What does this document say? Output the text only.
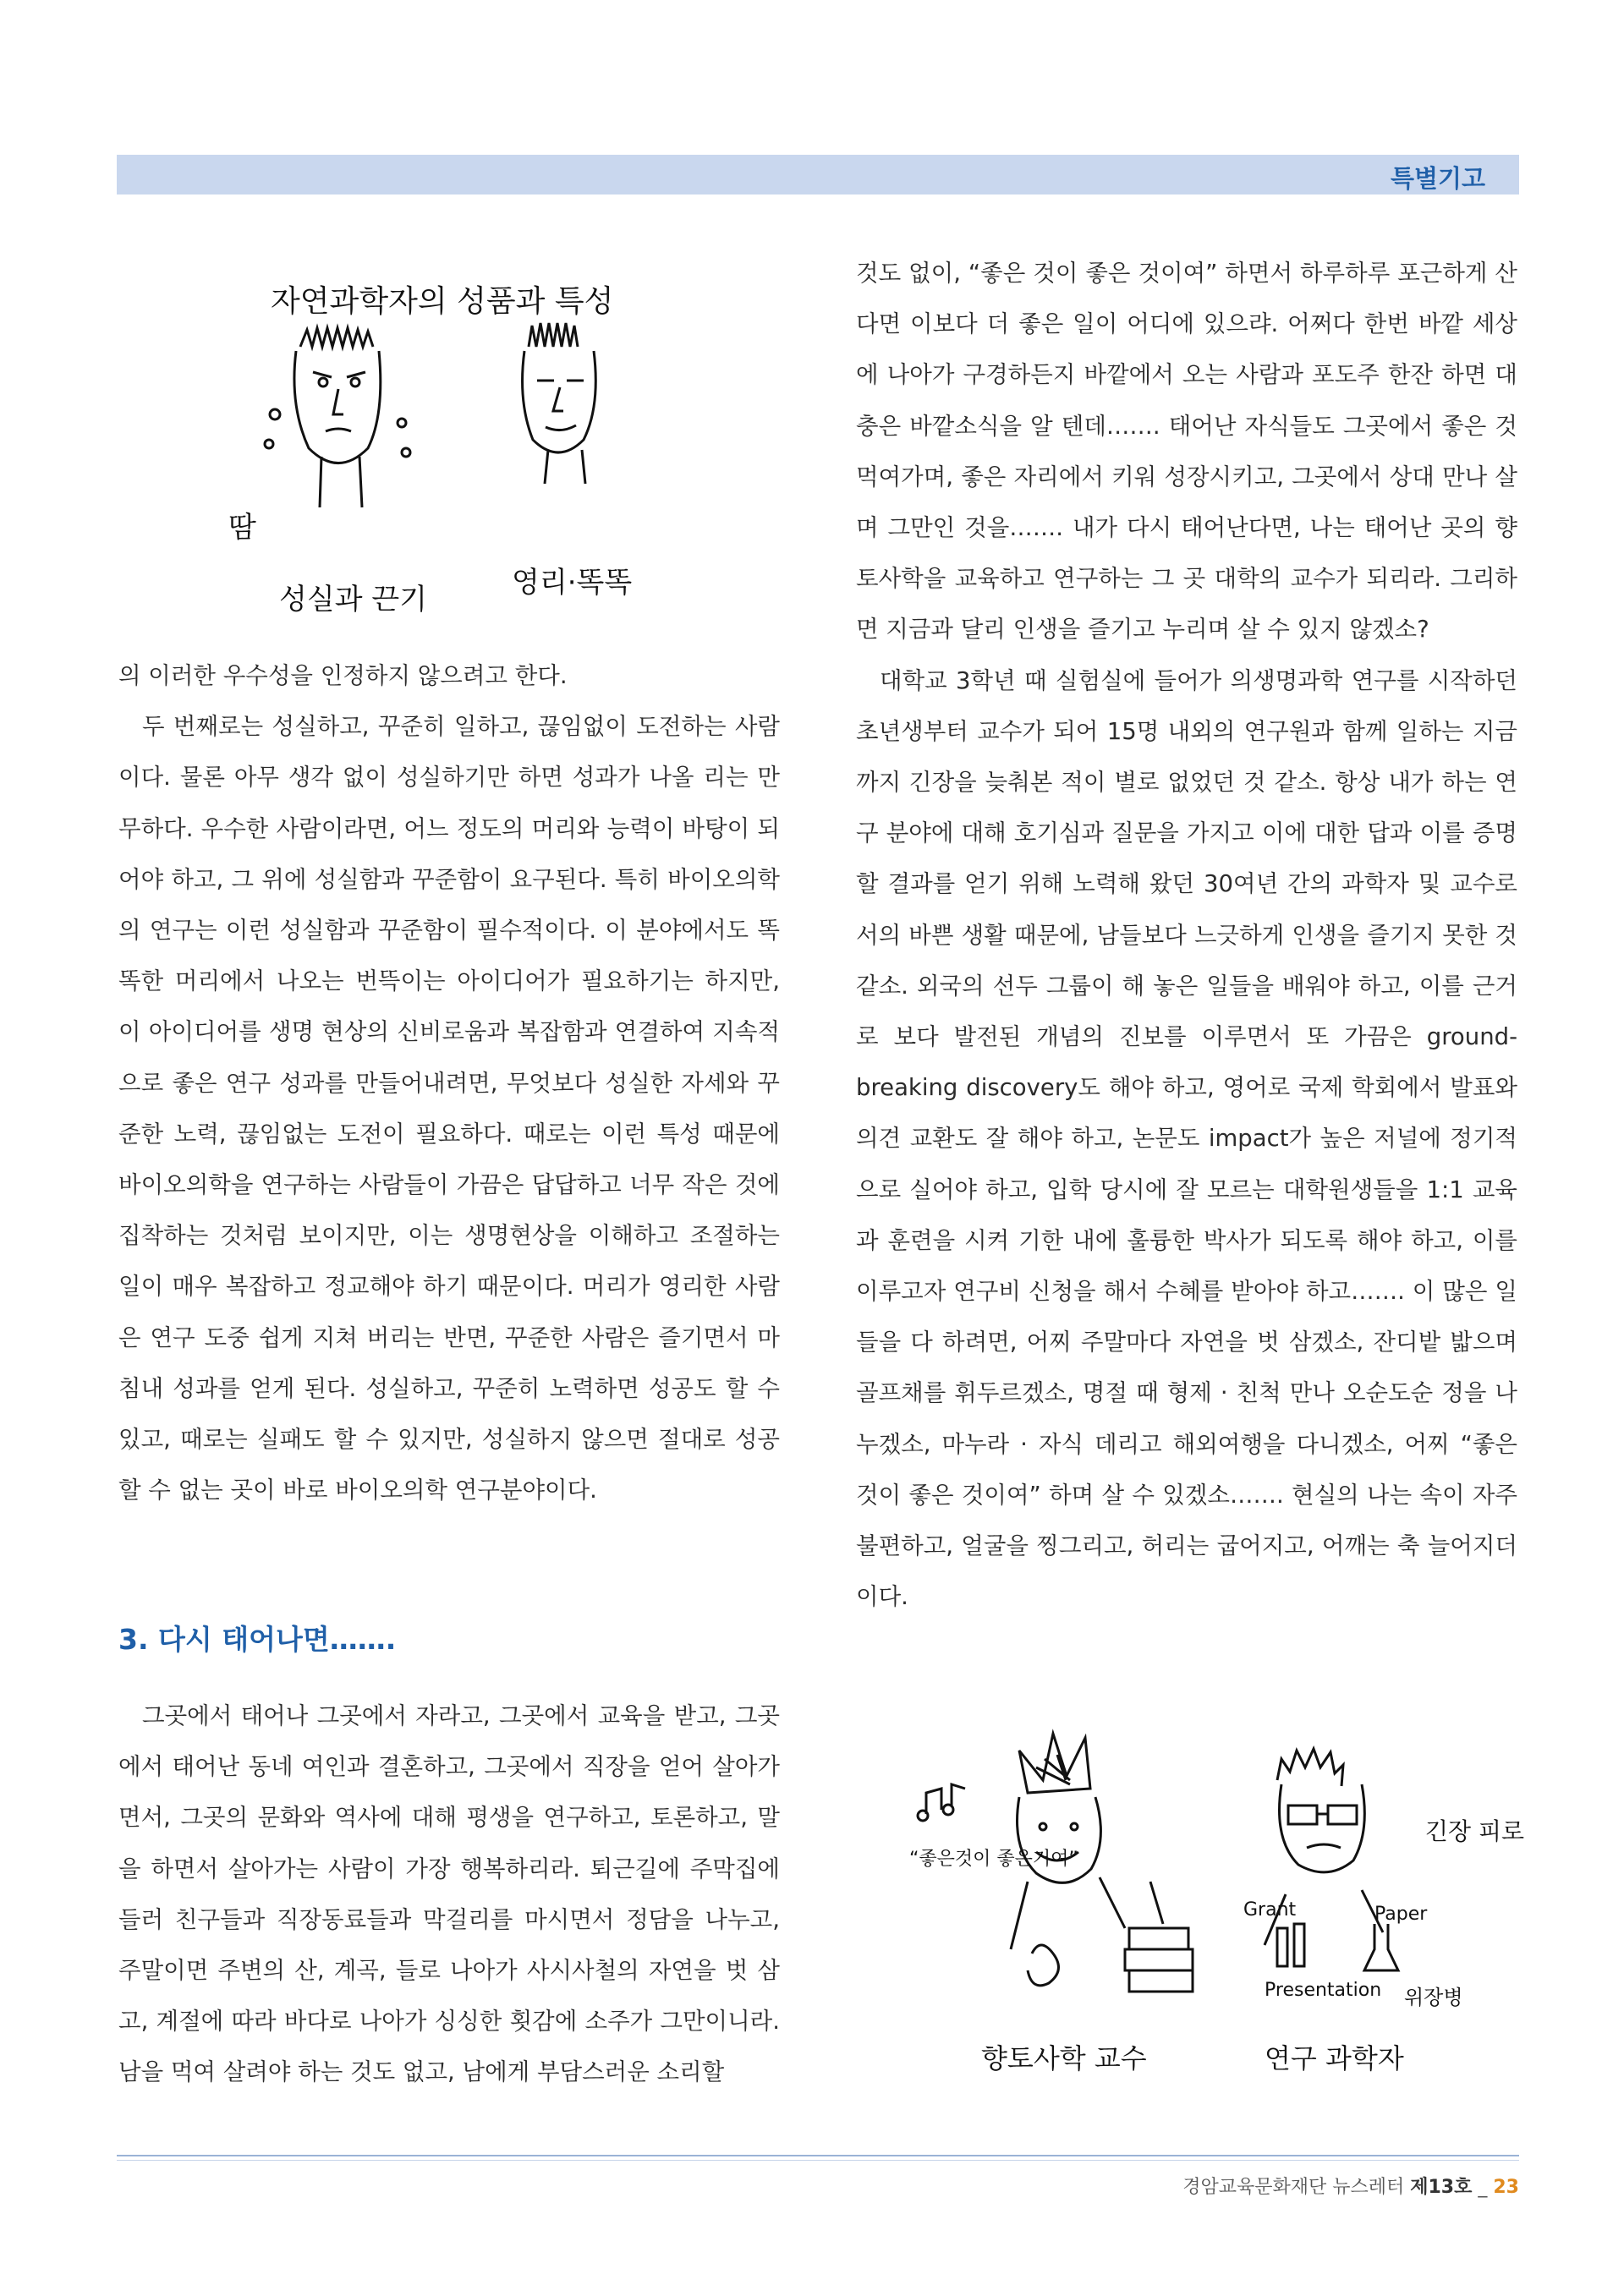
특별기고
자연과학자의 성품과 특성
땀
성실과 끈기	영리·똑똑

의 이러한 우수성을 인정하지 않으려고 한다.

두 번째로는 성실하고, 꾸준히 일하고, 끊임없이 도전하는 사람이다. 물론 아무 생각 없이 성실하기만 하면 성과가 나올 리는 만무하다. 우수한 사람이라면, 어느 정도의 머리와 능력이 바탕이 되어야 하고, 그 위에 성실함과 꾸준함이 요구된다. 특히 바이오의학의 연구는 이런 성실함과 꾸준함이 필수적이다. 이 분야에서도 똑똑한 머리에서 나오는 번뜩이는 아이디어가 필요하기는 하지만, 이 아이디어를 생명 현상의 신비로움과 복잡함과 연결하여 지속적으로 좋은 연구 성과를 만들어내려면, 무엇보다 성실한 자세와 꾸준한 노력, 끊임없는 도전이 필요하다. 때로는 이런 특성 때문에 바이오의학을 연구하는 사람들이 가끔은 답답하고 너무 작은 것에 집착하는 것처럼 보이지만, 이는 생명현상을 이해하고 조절하는 일이 매우 복잡하고 정교해야 하기 때문이다. 머리가 영리한 사람은 연구 도중 쉽게 지쳐 버리는 반면, 꾸준한 사람은 즐기면서 마침내 성과를 얻게 된다. 성실하고, 꾸준히 노력하면 성공도 할 수 있고, 때로는 실패도 할 수 있지만, 성실하지 않으면 절대로 성공할 수 없는 곳이 바로 바이오의학 연구분야이다.

3. 다시 태어나면…….

그곳에서 태어나 그곳에서 자라고, 그곳에서 교육을 받고, 그곳에서 태어난 동네 여인과 결혼하고, 그곳에서 직장을 얻어 살아가면서, 그곳의 문화와 역사에 대해 평생을 연구하고, 토론하고, 말을 하면서 살아가는 사람이 가장 행복하리라. 퇴근길에 주막집에 들러 친구들과 직장동료들과 막걸리를 마시면서 정담을 나누고, 주말이면 주변의 산, 계곡, 들로 나아가 사시사철의 자연을 벗 삼고, 계절에 따라 바다로 나아가 싱싱한 횟감에 소주가 그만이니라. 남을 먹여 살려야 하는 것도 없고, 남에게 부담스러운 소리할

것도 없이, “좋은 것이 좋은 것이여” 하면서 하루하루 포근하게 산다면 이보다 더 좋은 일이 어디에 있으랴. 어쩌다 한번 바깥 세상에 나아가 구경하든지 바깥에서 오는 사람과 포도주 한잔 하면 대충은 바깥소식을 알 텐데……. 태어난 자식들도 그곳에서 좋은 것 먹여가며, 좋은 자리에서 키워 성장시키고, 그곳에서 상대 만나 살며 그만인 것을……. 내가 다시 태어난다면, 나는 태어난 곳의 향토사학을 교육하고 연구하는 그 곳 대학의 교수가 되리라. 그리하면 지금과 달리 인생을 즐기고 누리며 살 수 있지 않겠소?

대학교 3학년 때 실험실에 들어가 의생명과학 연구를 시작하던 초년생부터 교수가 되어 15명 내외의 연구원과 함께 일하는 지금까지 긴장을 늦춰본 적이 별로 없었던 것 같소. 항상 내가 하는 연구 분야에 대해 호기심과 질문을 가지고 이에 대한 답과 이를 증명할 결과를 얻기 위해 노력해 왔던 30여년 간의 과학자 및 교수로서의 바쁜 생활 때문에, 남들보다 느긋하게 인생을 즐기지 못한 것 같소. 외국의 선두 그룹이 해 놓은 일들을 배워야 하고, 이를 근거로 보다 발전된 개념의 진보를 이루면서 또 가끔은 ground-breaking discovery도 해야 하고, 영어로 국제 학회에서 발표와 의견 교환도 잘 해야 하고, 논문도 impact가 높은 저널에 정기적으로 실어야 하고, 입학 당시에 잘 모르는 대학원생들을 1:1 교육과 훈련을 시켜 기한 내에 훌륭한 박사가 되도록 해야 하고, 이를 이루고자 연구비 신청을 해서 수혜를 받아야 하고……. 이 많은 일들을 다 하려면, 어찌 주말마다 자연을 벗 삼겠소, 잔디밭 밟으며 골프채를 휘두르겠소, 명절 때 형제 · 친척 만나 오순도순 정을 나누겠소, 마누라 · 자식 데리고 해외여행을 다니겠소, 어찌 “좋은 것이 좋은 것이여” 하며 살 수 있겠소……. 현실의 나는 속이 자주 불편하고, 얼굴을 찡그리고, 허리는 굽어지고, 어깨는 축 늘어지더이다.

“좋은것이 좋은거여”
향토사학 교수
긴장 피로
Grant	Paper
Presentation 위장병
연구 과학자
경암교육문화재단 뉴스레터 제13호 _ 23
